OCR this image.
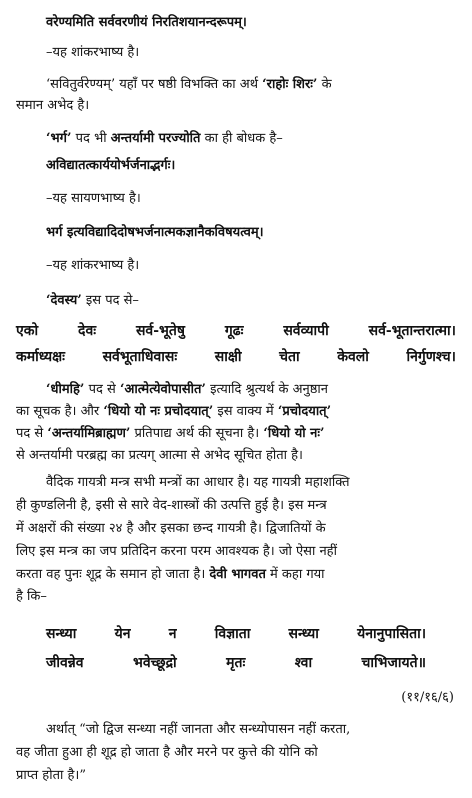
वरेण्यमिति सर्ववरणीयं निरतिशयानन्दरूपम्।
–यह शांकरभाष्य है।
‘सवितुर्वरेण्यम्’ यहाँ पर षष्ठी विभक्ति का अर्थ ‘राहोः शिरः’ के
समान अभेद है।
‘भर्ग’ पद भी अन्तर्यामी परज्योति का ही बोधक है–
अविद्यातत्कार्ययोर्भर्जनाद्भर्गः।
–यह सायणभाष्य है।
भर्ग इत्यविद्यादिदोषभर्जनात्मकज्ञानैकविषयत्वम्।
–यह शांकरभाष्य है।
‘देवस्य’ इस पद से–
एको देवः सर्व-भूतेषु गूढः सर्वव्यापी सर्व-भूतान्तरात्मा।
कर्माध्यक्षः सर्वभूताधिवासः साक्षी चेता केवलो निर्गुणश्च।
‘धीमहि’ पद से ‘आत्मेत्येवोपासीत’ इत्यादि श्रुत्यर्थ के अनुष्ठान
का सूचक है। और ‘धियो यो नः प्रचोदयात्’ इस वाक्य में ‘प्रचोदयात्’
पद से ‘अन्तर्यामिब्राह्मण’ प्रतिपाद्य अर्थ की सूचना है। ‘धियो यो नः’
से अन्तर्यामी परब्रह्म का प्रत्यग् आत्मा से अभेद सूचित होता है।
वैदिक गायत्री मन्त्र सभी मन्त्रों का आधार है। यह गायत्री महाशक्ति
ही कुण्डलिनी है, इसी से सारे वेद-शास्त्रों की उत्पत्ति हुई है। इस मन्त्र
में अक्षरों की संख्या २४ है और इसका छन्द गायत्री है। द्विजातियों के
लिए इस मन्त्र का जप प्रतिदिन करना परम आवश्यक है। जो ऐसा नहीं
करता वह पुनः शूद्र के समान हो जाता है। देवी भागवत में कहा गया
है कि–
सन्ध्या येन न विज्ञाता सन्ध्या येनानुपासिता।
जीवन्नेव भवेच्छूद्रो मृतः श्वा चाभिजायते॥
(११/१६/६)
अर्थात् “जो द्विज सन्ध्या नहीं जानता और सन्ध्योपासन नहीं करता,
वह जीता हुआ ही शूद्र हो जाता है और मरने पर कुत्ते की योनि को
प्राप्त होता है।”
